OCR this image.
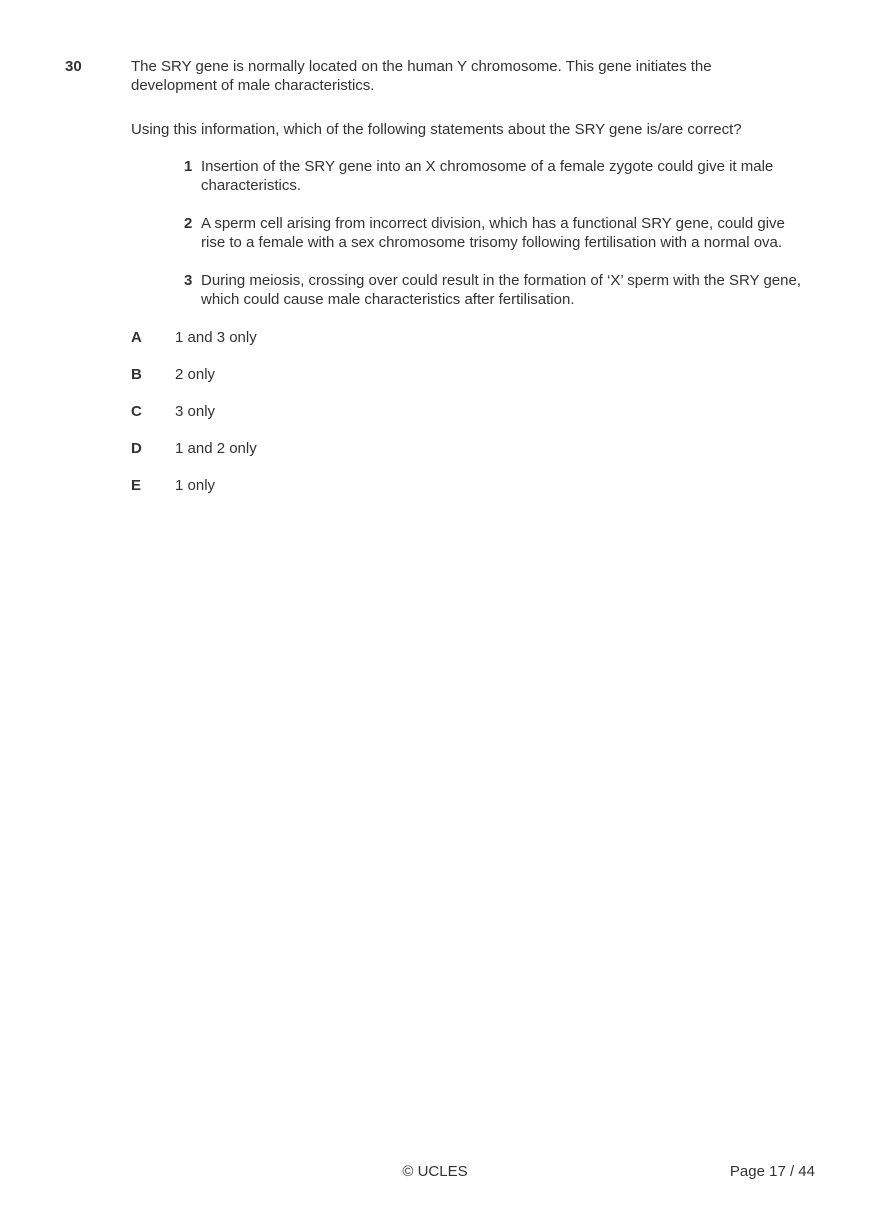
30	The SRY gene is normally located on the human Y chromosome. This gene initiates the development of male characteristics.

Using this information, which of the following statements about the SRY gene is/are correct?

1 Insertion of the SRY gene into an X chromosome of a female zygote could give it male characteristics.
2 A sperm cell arising from incorrect division, which has a functional SRY gene, could give rise to a female with a sex chromosome trisomy following fertilisation with a normal ova.
3 During meiosis, crossing over could result in the formation of ‘X’ sperm with the SRY gene, which could cause male characteristics after fertilisation.
A	1 and 3 only
B	2 only
C	3 only
D	1 and 2 only
E	1 only
© UCLES	Page 17 / 44
